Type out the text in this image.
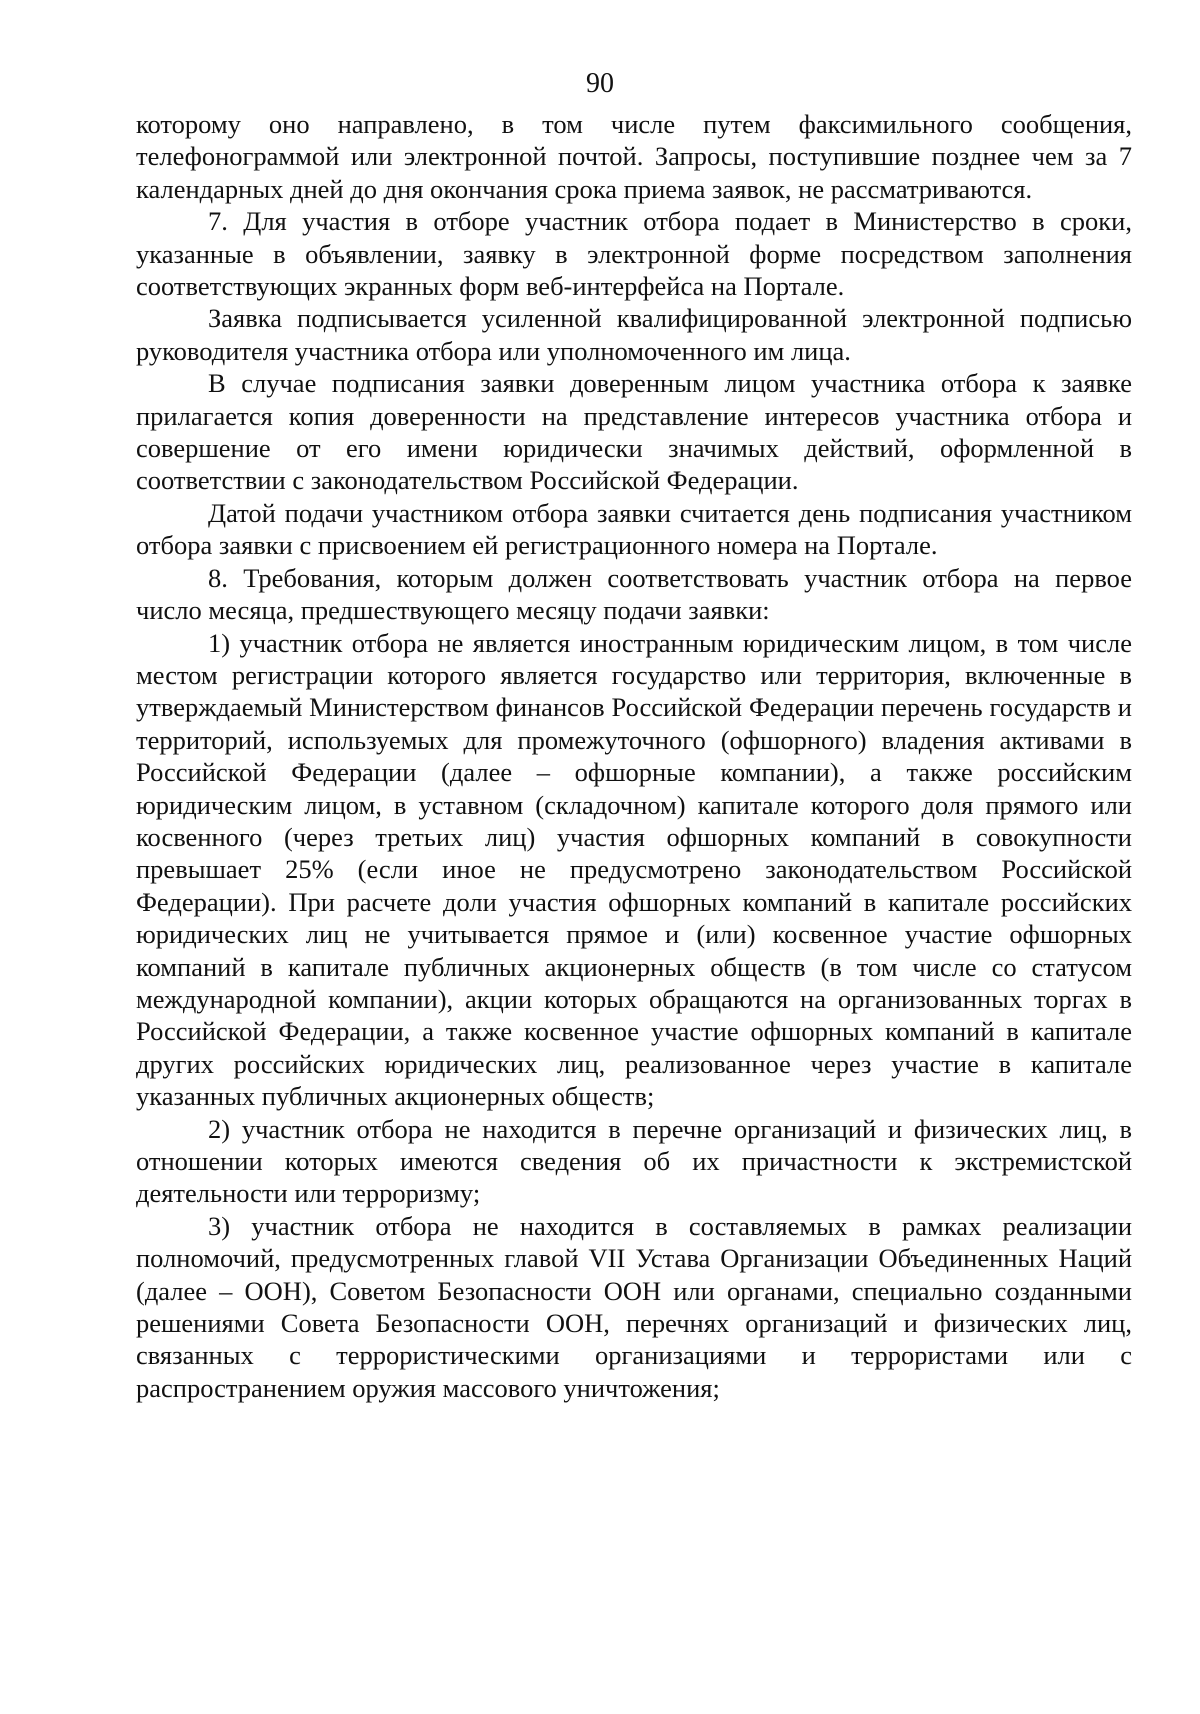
90

которому оно направлено, в том числе путем факсимильного сообщения, телефонограммой или электронной почтой. Запросы, поступившие позднее чем за 7 календарных дней до дня окончания срока приема заявок, не рассматриваются.

7. Для участия в отборе участник отбора подает в Министерство в сроки, указанные в объявлении, заявку в электронной форме посредством заполнения соответствующих экранных форм веб-интерфейса на Портале.

Заявка подписывается усиленной квалифицированной электронной подписью руководителя участника отбора или уполномоченного им лица.

В случае подписания заявки доверенным лицом участника отбора к заявке прилагается копия доверенности на представление интересов участника отбора и совершение от его имени юридически значимых действий, оформленной в соответствии с законодательством Российской Федерации.

Датой подачи участником отбора заявки считается день подписания участником отбора заявки с присвоением ей регистрационного номера на Портале.

8. Требования, которым должен соответствовать участник отбора на первое число месяца, предшествующего месяцу подачи заявки:

1) участник отбора не является иностранным юридическим лицом, в том числе местом регистрации которого является государство или территория, включенные в утверждаемый Министерством финансов Российской Федерации перечень государств и территорий, используемых для промежуточного (офшорного) владения активами в Российской Федерации (далее – офшорные компании), а также российским юридическим лицом, в уставном (складочном) капитале которого доля прямого или косвенного (через третьих лиц) участия офшорных компаний в совокупности превышает 25% (если иное не предусмотрено законодательством Российской Федерации). При расчете доли участия офшорных компаний в капитале российских юридических лиц не учитывается прямое и (или) косвенное участие офшорных компаний в капитале публичных акционерных обществ (в том числе со статусом международной компании), акции которых обращаются на организованных торгах в Российской Федерации, а также косвенное участие офшорных компаний в капитале других российских юридических лиц, реализованное через участие в капитале указанных публичных акционерных обществ;

2) участник отбора не находится в перечне организаций и физических лиц, в отношении которых имеются сведения об их причастности к экстремистской деятельности или терроризму;

3) участник отбора не находится в составляемых в рамках реализации полномочий, предусмотренных главой VII Устава Организации Объединенных Наций (далее – ООН), Советом Безопасности ООН или органами, специально созданными решениями Совета Безопасности ООН, перечнях организаций и физических лиц, связанных с террористическими организациями и террористами или с распространением оружия массового уничтожения;
